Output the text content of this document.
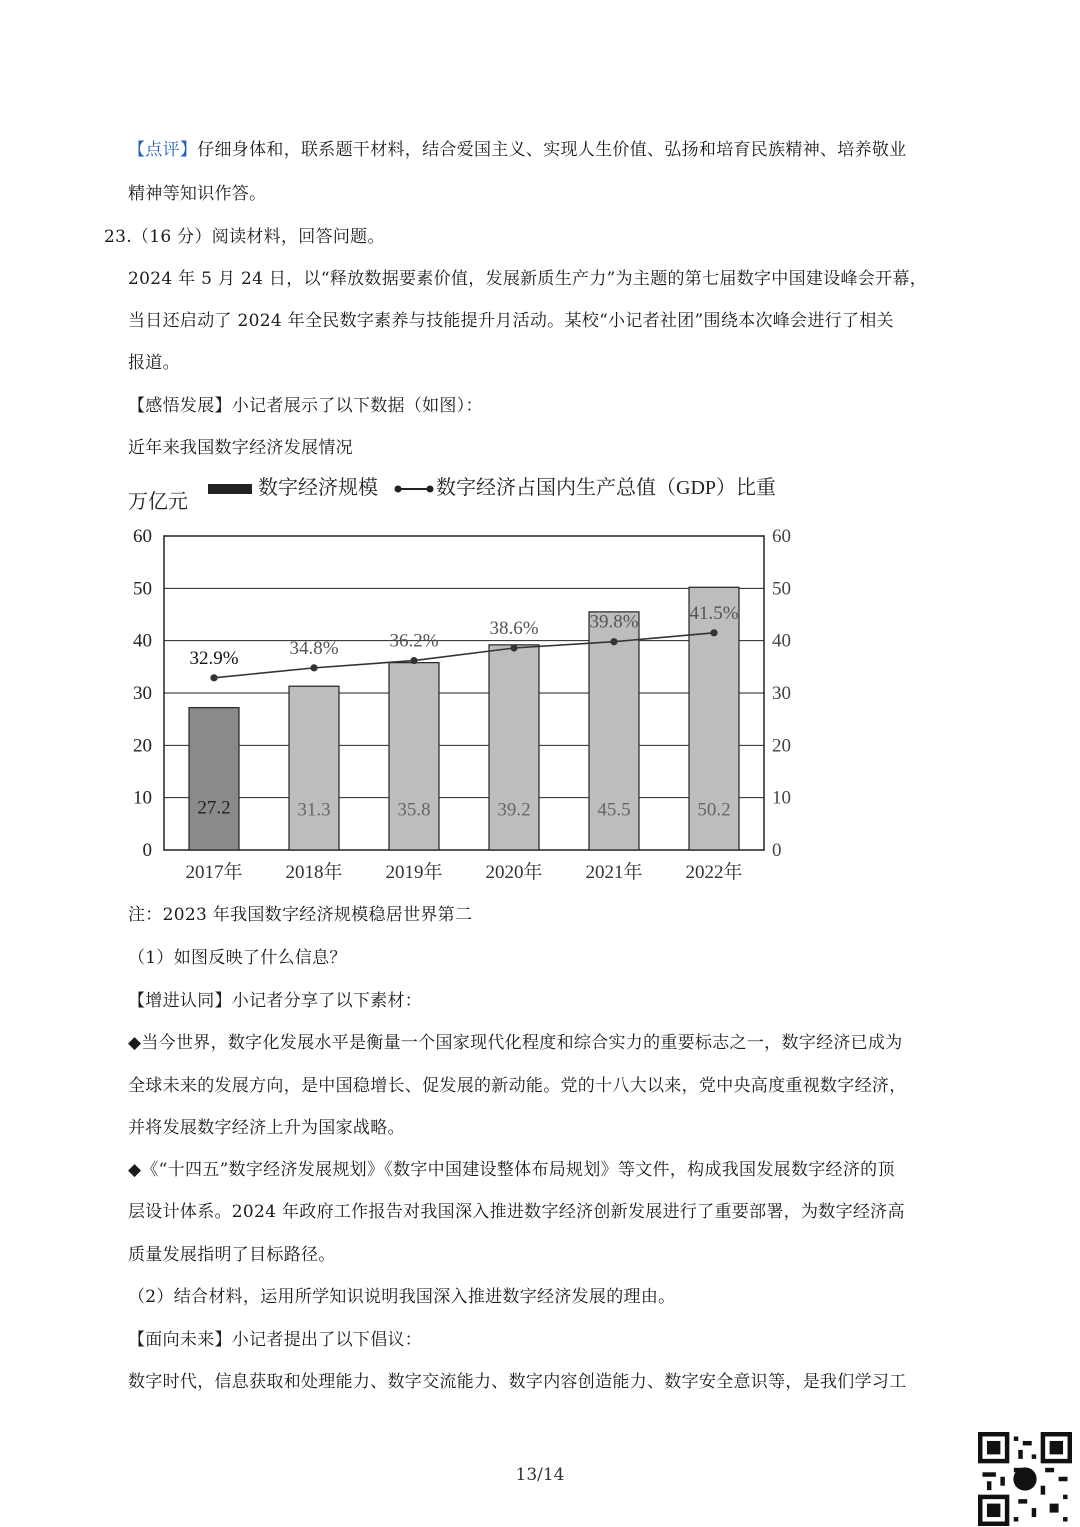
【点评】仔细身体和，联系题干材料，结合爱国主义、实现人生价值、弘扬和培育民族精神、培养敬业
精神等知识作答。
23.（16 分）阅读材料，回答问题。
2024 年 5 月 24 日，以“释放数据要素价值，发展新质生产力”为主题的第七届数字中国建设峰会开幕，
当日还启动了 2024 年全民数字素养与技能提升月活动。某校“小记者社团”围绕本次峰会进行了相关
报道。
【感悟发展】小记者展示了以下数据（如图）：
近年来我国数字经济发展情况
万亿元
数字经济规模	数字经济占国内生产总值（GDP）比重
0	0
10	10
20	20
30	30
40	40
50	50
60	60
27.2
2017年
31.3
2018年
35.8
2019年
39.2
2020年
45.5
2021年
50.2
2022年
32.9%	34.8%	36.2%
38.6%	39.8%	41.5%
注：2023 年我国数字经济规模稳居世界第二
（1）如图反映了什么信息？
【增进认同】小记者分享了以下素材：
◆当今世界，数字化发展水平是衡量一个国家现代化程度和综合实力的重要标志之一，数字经济已成为
全球未来的发展方向，是中国稳增长、促发展的新动能。党的十八大以来，党中央高度重视数字经济，
并将发展数字经济上升为国家战略。
◆《“十四五”数字经济发展规划》《数字中国建设整体布局规划》等文件，构成我国发展数字经济的顶
层设计体系。2024 年政府工作报告对我国深入推进数字经济创新发展进行了重要部署，为数字经济高
质量发展指明了目标路径。
（2）结合材料，运用所学知识说明我国深入推进数字经济发展的理由。
【面向未来】小记者提出了以下倡议：
数字时代，信息获取和处理能力、数字交流能力、数字内容创造能力、数字安全意识等，是我们学习工
13/14
